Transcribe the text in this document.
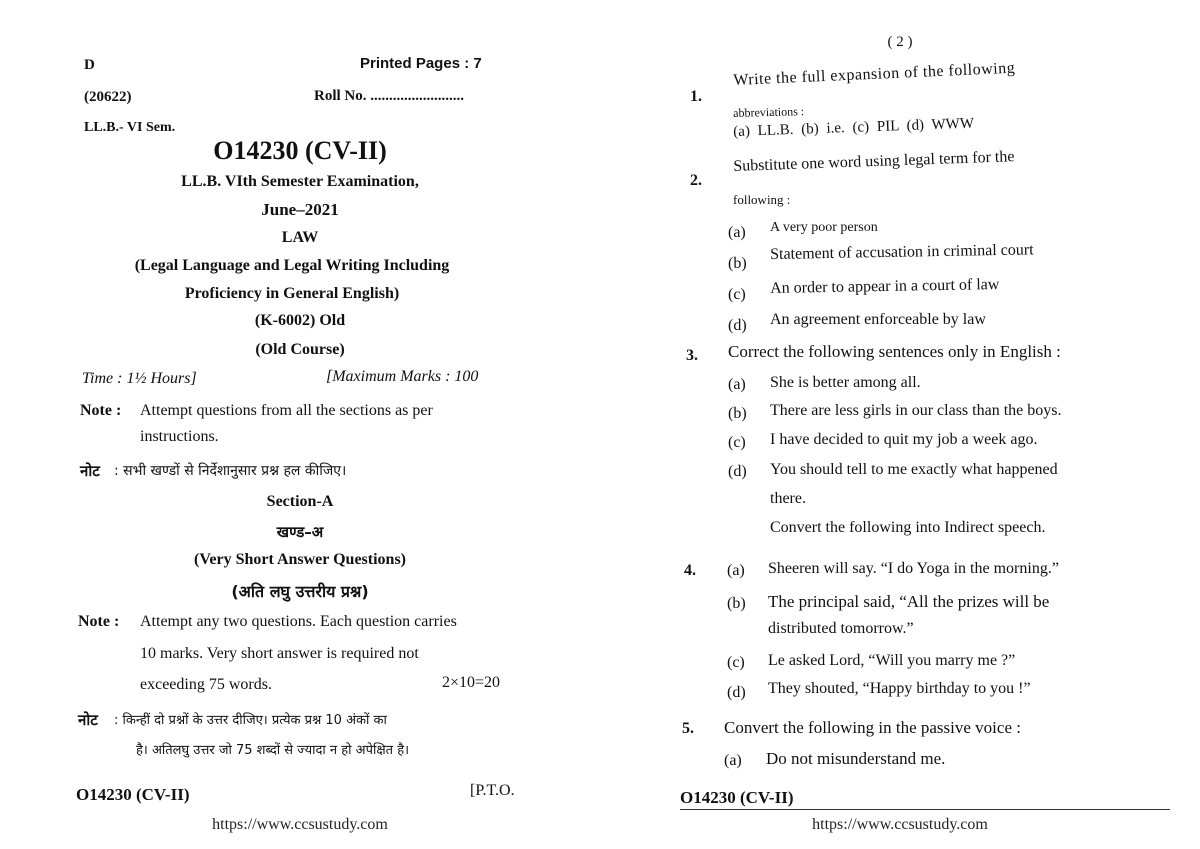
D	Printed Pages : 7
(20622)	Roll No. .........................
LL.B.- VI Sem.
O14230 (CV-II)
LL.B. VIth Semester Examination,
June–2021
LAW
(Legal Language and Legal Writing Including
Proficiency in General English)
(K-6002) Old
(Old Course)
Time : 1½ Hours]	[Maximum Marks : 100
Note : Attempt questions from all the sections as per
instructions.
नोट : सभी खण्डों से निर्देशानुसार प्रश्न हल कीजिए।
Section-A
खण्ड–अ
(Very Short Answer Questions)
(अति लघु उत्तरीय प्रश्न)
Note : Attempt any two questions. Each question carries
10 marks. Very short answer is required not
exceeding 75 words.	2×10=20
नोट : किन्हीं दो प्रश्नों के उत्तर दीजिए। प्रत्येक प्रश्न 10 अंकों का
है। अतिलघु उत्तर जो 75 शब्दों से ज्यादा न हो अपेक्षित है।
O14230 (CV-II)	[P.T.O.
https://www.ccsustudy.com
( 2 )
1.
Write the full expansion of the following
abbreviations :
(a) LL.B. (b) i.e. (c) PIL (d) WWW
2.
Substitute one word using legal term for the
following :
(a)	A very poor person
(b)
Statement of accusation in criminal court
(c)	An order to appear in a court of law
(d)	An agreement enforceable by law
3. Correct the following sentences only in English :
(a)	She is better among all.
(b)	There are less girls in our class than the boys.
(c)	I have decided to quit my job a week ago.
(d)	You should tell to me exactly what happened
there.
Convert the following into Indirect speech.
4. (a)	Sheeren will say. “I do Yoga in the morning.”
(b)	The principal said, “All the prizes will be
distributed tomorrow.”
(c)	Le asked Lord, “Will you marry me ?”
(d)	They shouted, “Happy birthday to you !”
5. Convert the following in the passive voice :
(a)	Do not misunderstand me.
O14230 (CV-II)
https://www.ccsustudy.com
